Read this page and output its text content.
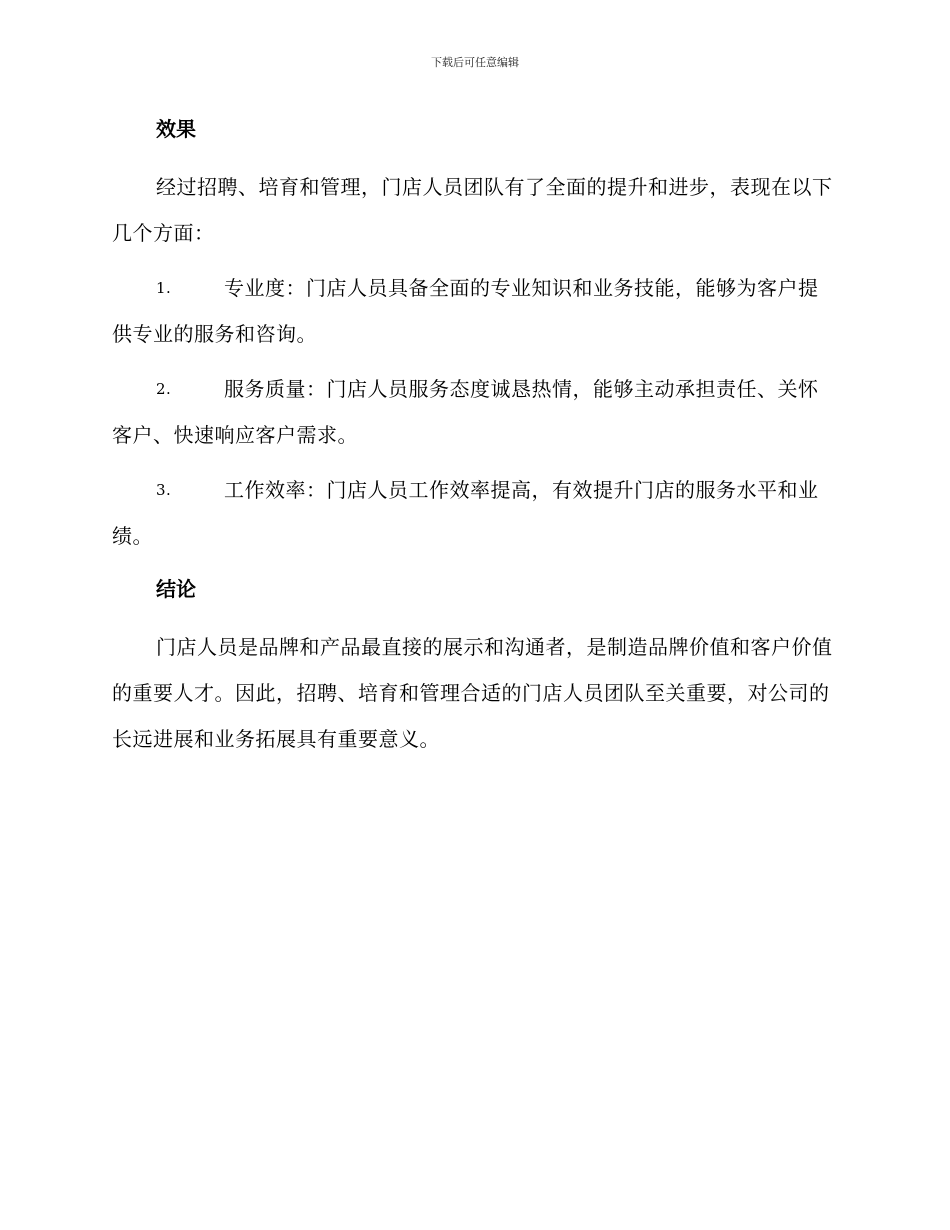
下载后可任意编辑
效果
经过招聘、培育和管理，门店人员团队有了全面的提升和进步，表现在以下几个方面：
1.	专业度：门店人员具备全面的专业知识和业务技能，能够为客户提供专业的服务和咨询。
2.	服务质量：门店人员服务态度诚恳热情，能够主动承担责任、关怀客户、快速响应客户需求。
3.	工作效率：门店人员工作效率提高，有效提升门店的服务水平和业绩。
结论
门店人员是品牌和产品最直接的展示和沟通者，是制造品牌价值和客户价值的重要人才。因此，招聘、培育和管理合适的门店人员团队至关重要，对公司的长远进展和业务拓展具有重要意义。
